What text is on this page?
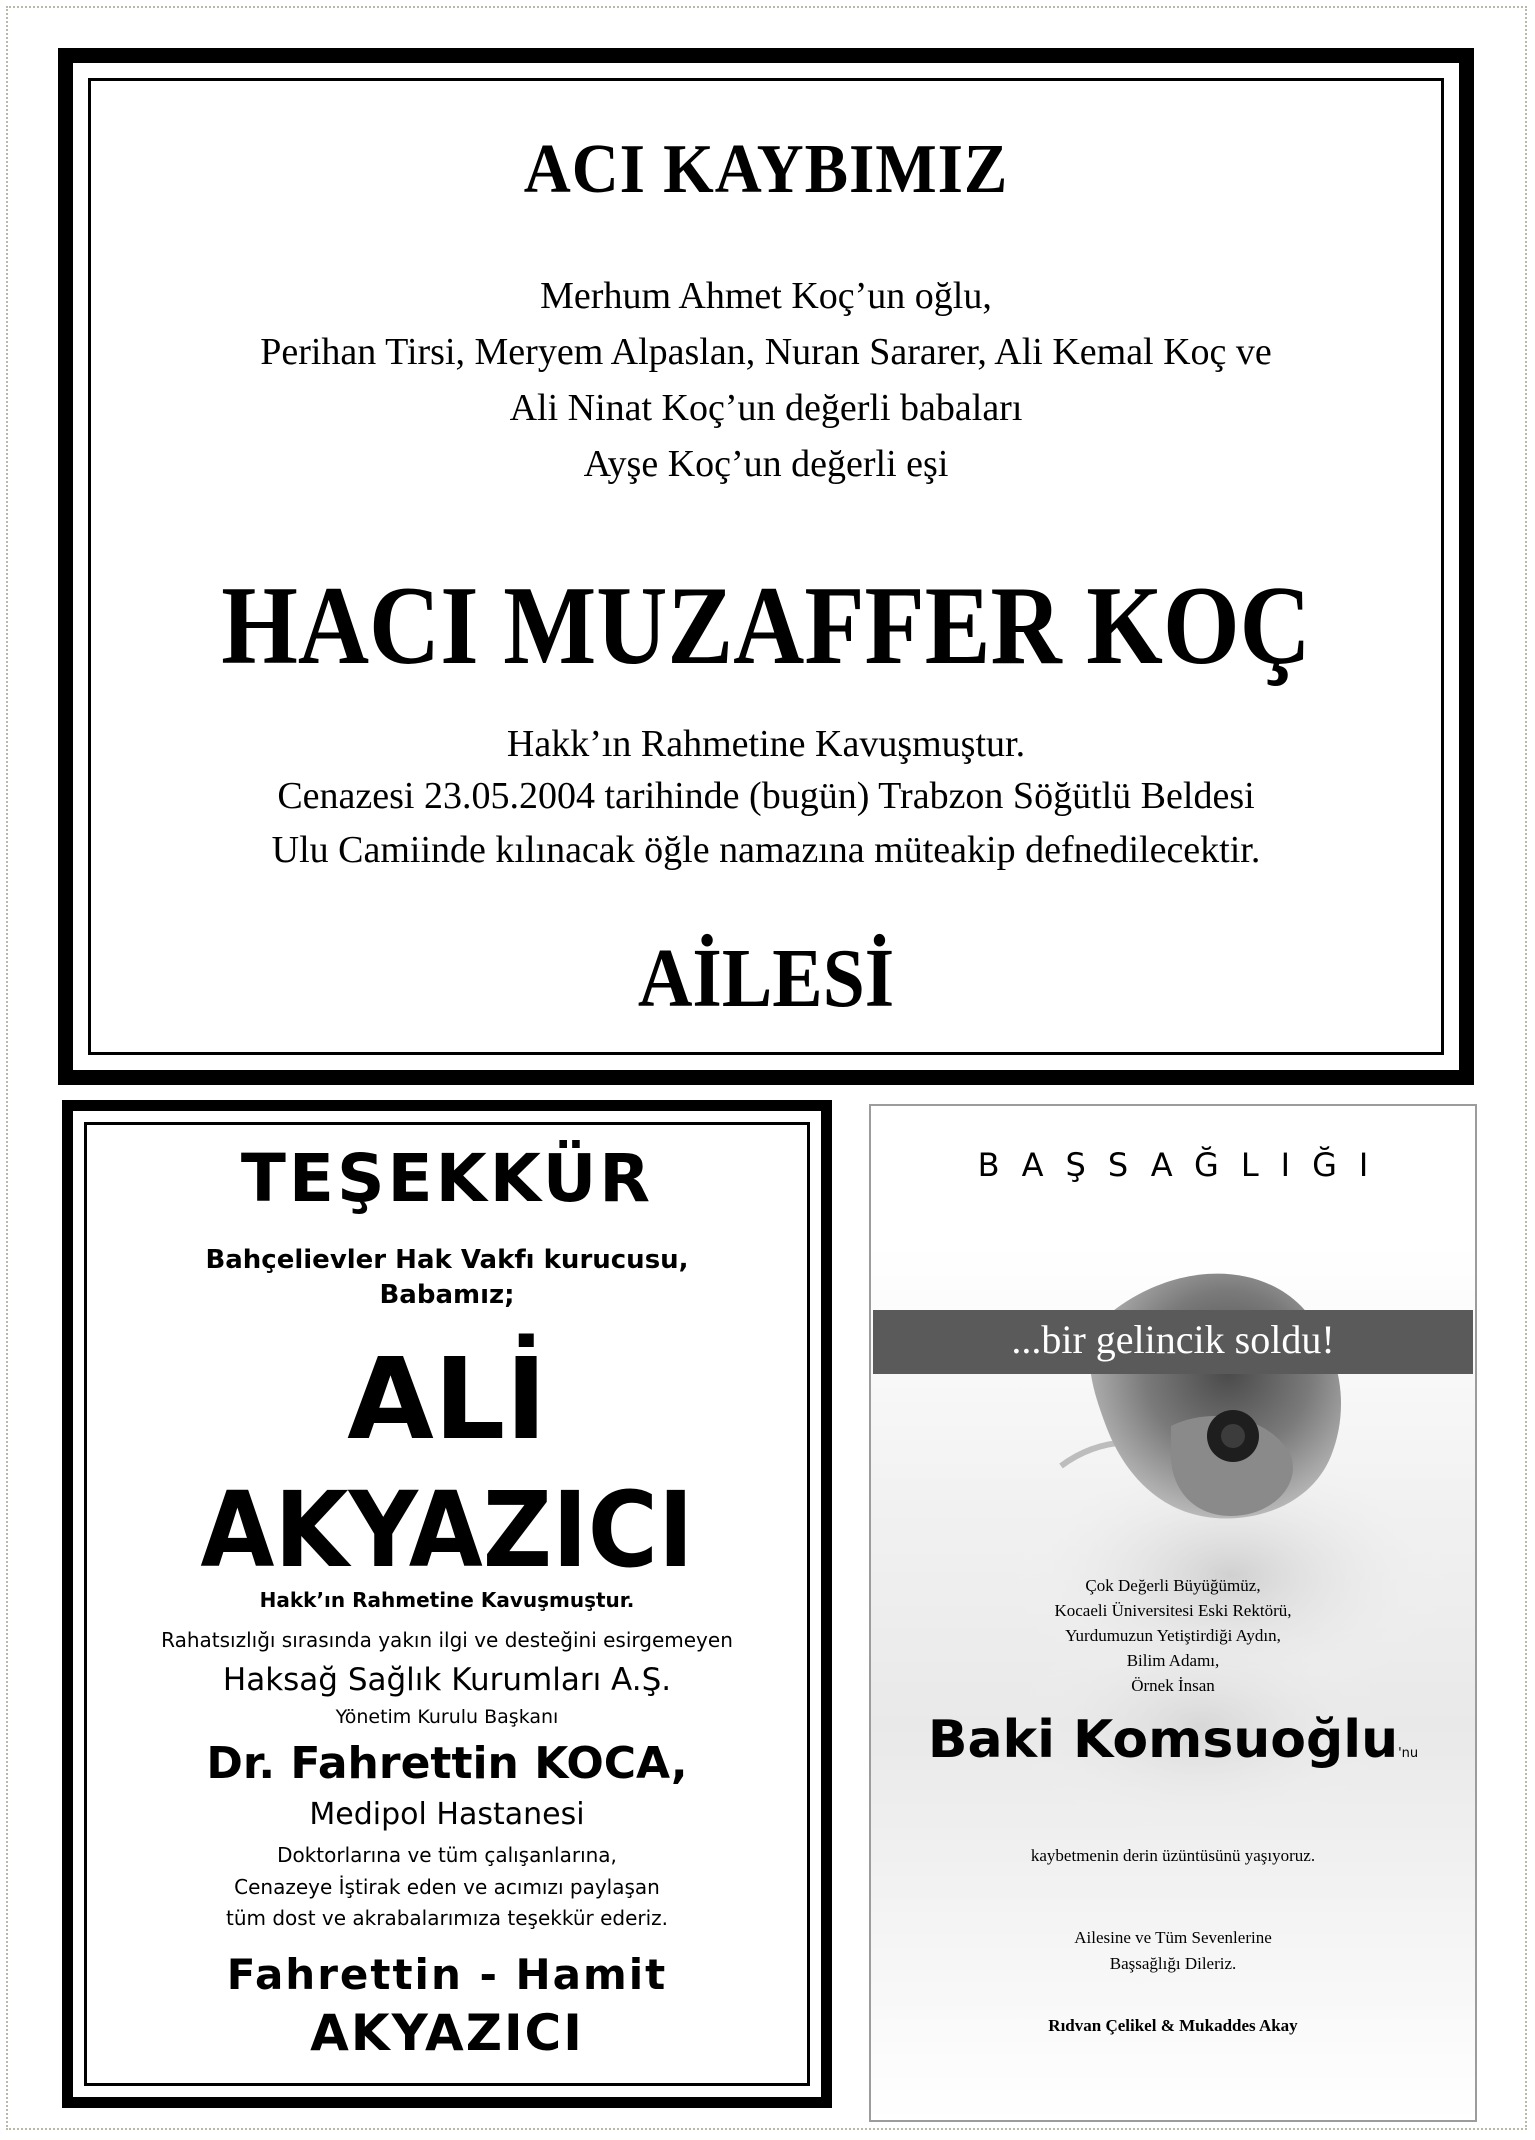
ACI KAYBIMIZ
Merhum Ahmet Koç’un oğlu,
Perihan Tirsi, Meryem Alpaslan, Nuran Sararer, Ali Kemal Koç ve
Ali Ninat Koç’un değerli babaları
Ayşe Koç’un değerli eşi
HACI MUZAFFER KOÇ
Hakk’ın Rahmetine Kavuşmuştur.
Cenazesi 23.05.2004 tarihinde (bugün) Trabzon Söğütlü Beldesi
Ulu Camiinde kılınacak öğle namazına müteakip defnedilecektir.
AİLESİ
TEŞEKKÜR
Bahçelievler Hak Vakfı kurucusu,
Babamız;
ALİ
AKYAZICI
Hakk’ın Rahmetine Kavuşmuştur.
Rahatsızlığı sırasında yakın ilgi ve desteğini esirgemeyen
Haksağ Sağlık Kurumları A.Ş.
Yönetim Kurulu Başkanı
Dr. Fahrettin KOCA,
Medipol Hastanesi
Doktorlarına ve tüm çalışanlarına,
Cenazeye İştirak eden ve acımızı paylaşan
tüm dost ve akrabalarımıza teşekkür ederiz.
Fahrettin - Hamit
AKYAZICI
BAŞSAĞLIĞI
...bir gelincik soldu!
Çok Değerli Büyüğümüz,
Kocaeli Üniversitesi Eski Rektörü,
Yurdumuzun Yetiştirdiği Aydın,
Bilim Adamı,
Örnek İnsan
Baki Komsuoğlu'nu
kaybetmenin derin üzüntüsünü yaşıyoruz.
Ailesine ve Tüm Sevenlerine
Başsağlığı Dileriz.
Rıdvan Çelikel & Mukaddes Akay
